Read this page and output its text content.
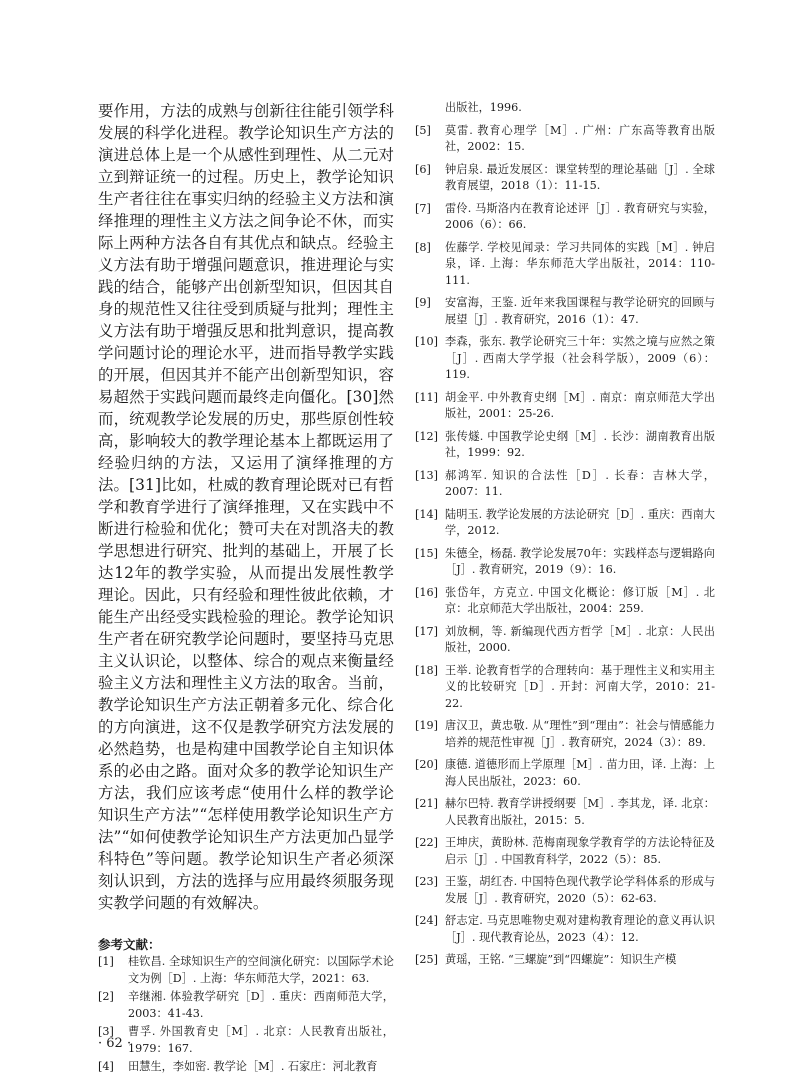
要作用，方法的成熟与创新往往能引领学科发展的科学化进程。教学论知识生产方法的演进总体上是一个从感性到理性、从二元对立到辩证统一的过程。历史上，教学论知识生产者往往在事实归纳的经验主义方法和演绎推理的理性主义方法之间争论不休，而实际上两种方法各自有其优点和缺点。经验主义方法有助于增强问题意识，推进理论与实践的结合，能够产出创新型知识，但因其自身的规范性又往往受到质疑与批判；理性主义方法有助于增强反思和批判意识，提高教学问题讨论的理论水平，进而指导教学实践的开展，但因其并不能产出创新型知识，容易超然于实践问题而最终走向僵化。[30]然而，统观教学论发展的历史，那些原创性较高，影响较大的教学理论基本上都既运用了经验归纳的方法，又运用了演绎推理的方法。[31]比如，杜威的教育理论既对已有哲学和教育学进行了演绎推理，又在实践中不断进行检验和优化；赞可夫在对凯洛夫的教学思想进行研究、批判的基础上，开展了长达12年的教学实验，从而提出发展性教学理论。因此，只有经验和理性彼此依赖，才能生产出经受实践检验的理论。教学论知识生产者在研究教学论问题时，要坚持马克思主义认识论，以整体、综合的观点来衡量经验主义方法和理性主义方法的取舍。当前，教学论知识生产方法正朝着多元化、综合化的方向演进，这不仅是教学研究方法发展的必然趋势，也是构建中国教学论自主知识体系的必由之路。面对众多的教学论知识生产方法，我们应该考虑“使用什么样的教学论知识生产方法”“怎样使用教学论知识生产方法”“如何使教学论知识生产方法更加凸显学科特色”等问题。教学论知识生产者必须深刻认识到，方法的选择与应用最终须服务现实教学问题的有效解决。

参考文献：
[1] 桂钦昌. 全球知识生产的空间演化研究：以国际学术论文为例［D］. 上海：华东师范大学，2021：63.
[2] 辛继湘. 体验教学研究［D］. 重庆：西南师范大学，2003：41-43.
[3] 曹孚. 外国教育史［M］. 北京：人民教育出版社，1979：167.
[4] 田慧生，李如密. 教学论［M］. 石家庄：河北教育
出版社，1996.
[5] 莫雷. 教育心理学［M］. 广州：广东高等教育出版社，2002：15.
[6] 钟启泉. 最近发展区：课堂转型的理论基础［J］. 全球教育展望，2018（1）：11-15.
[7] 雷伶. 马斯洛内在教育论述评［J］. 教育研究与实验，2006（6）：66.
[8] 佐藤学. 学校见闻录：学习共同体的实践［M］. 钟启泉，译. 上海：华东师范大学出版社，2014：110-111.
[9] 安富海，王鉴. 近年来我国课程与教学论研究的回顾与展望［J］. 教育研究，2016（1）：47.
[10] 李森，张东. 教学论研究三十年：实然之境与应然之策［J］. 西南大学学报（社会科学版），2009（6）：119.
[11] 胡金平. 中外教育史纲［M］. 南京：南京师范大学出版社，2001：25-26.
[12] 张传燧. 中国教学论史纲［M］. 长沙：湖南教育出版社，1999：92.
[13] 郝鸿军. 知识的合法性［D］. 长春：吉林大学，2007：11.
[14] 陆明玉. 教学论发展的方法论研究［D］. 重庆：西南大学，2012.
[15] 朱德全，杨磊. 教学论发展70年：实践样态与逻辑路向［J］. 教育研究，2019（9）：16.
[16] 张岱年，方克立. 中国文化概论：修订版［M］. 北京：北京师范大学出版社，2004：259.
[17] 刘放桐，等. 新编现代西方哲学［M］. 北京：人民出版社，2000.
[18] 王举. 论教育哲学的合理转向：基于理性主义和实用主义的比较研究［D］. 开封：河南大学，2010：21-22.
[19] 唐汉卫，黄忠敬. 从“理性”到“理由”：社会与情感能力培养的规范性审视［J］. 教育研究，2024（3）：89.
[20] 康德. 道德形而上学原理［M］. 苗力田，译. 上海：上海人民出版社，2023：60.
[21] 赫尔巴特. 教育学讲授纲要［M］. 李其龙，译. 北京：人民教育出版社，2015：5.
[22] 王坤庆，黄盼林. 范梅南现象学教育学的方法论特征及启示［J］. 中国教育科学，2022（5）：85.
[23] 王鉴，胡红杏. 中国特色现代教学论学科体系的形成与发展［J］. 教育研究，2020（5）：62-63.
[24] 舒志定. 马克思唯物史观对建构教育理论的意义再认识［J］. 现代教育论丛，2023（4）：12.
[25] 黄瑶，王铭. “三螺旋”到“四螺旋”：知识生产模
· 62 ·
